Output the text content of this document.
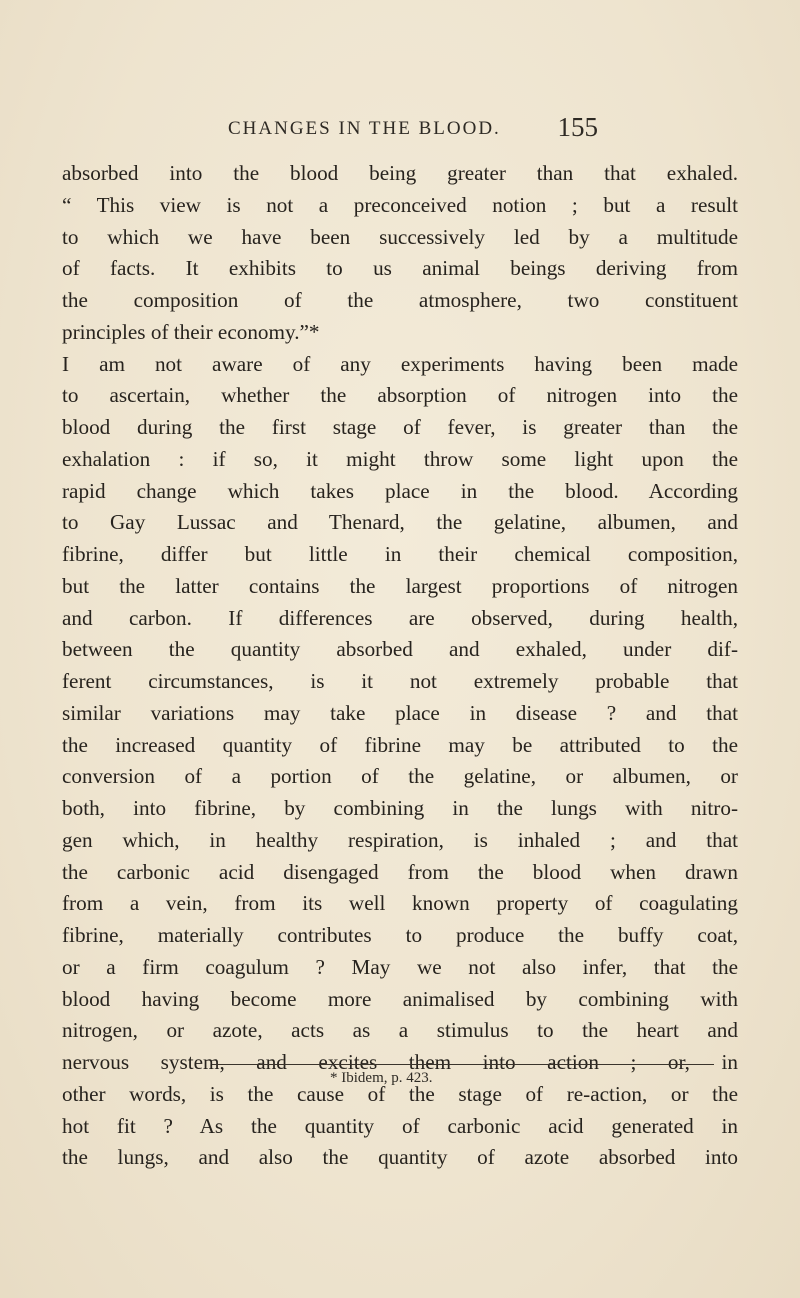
CHANGES IN THE BLOOD. 155
absorbed into the blood being greater than that exhaled.
“ This view is not a preconceived notion ; but a result
to which we have been successively led by a multitude
of facts. It exhibits to us animal beings deriving from
the composition of the atmosphere, two constituent
principles of their economy.”*
I am not aware of any experiments having been made
to ascertain, whether the absorption of nitrogen into the
blood during the first stage of fever, is greater than the
exhalation : if so, it might throw some light upon the
rapid change which takes place in the blood. According
to Gay Lussac and Thenard, the gelatine, albumen, and
fibrine, differ but little in their chemical composition,
but the latter contains the largest proportions of nitrogen
and carbon. If differences are observed, during health,
between the quantity absorbed and exhaled, under dif-
ferent circumstances, is it not extremely probable that
similar variations may take place in disease ? and that
the increased quantity of fibrine may be attributed to the
conversion of a portion of the gelatine, or albumen, or
both, into fibrine, by combining in the lungs with nitro-
gen which, in healthy respiration, is inhaled ; and that
the carbonic acid disengaged from the blood when drawn
from a vein, from its well known property of coagulating
fibrine, materially contributes to produce the buffy coat,
or a firm coagulum ? May we not also infer, that the
blood having become more animalised by combining with
nitrogen, or azote, acts as a stimulus to the heart and
nervous system, and excites them into action ; or, in
other words, is the cause of the stage of re-action, or the
hot fit ? As the quantity of carbonic acid generated in
the lungs, and also the quantity of azote absorbed into
* Ibidem, p. 423.
